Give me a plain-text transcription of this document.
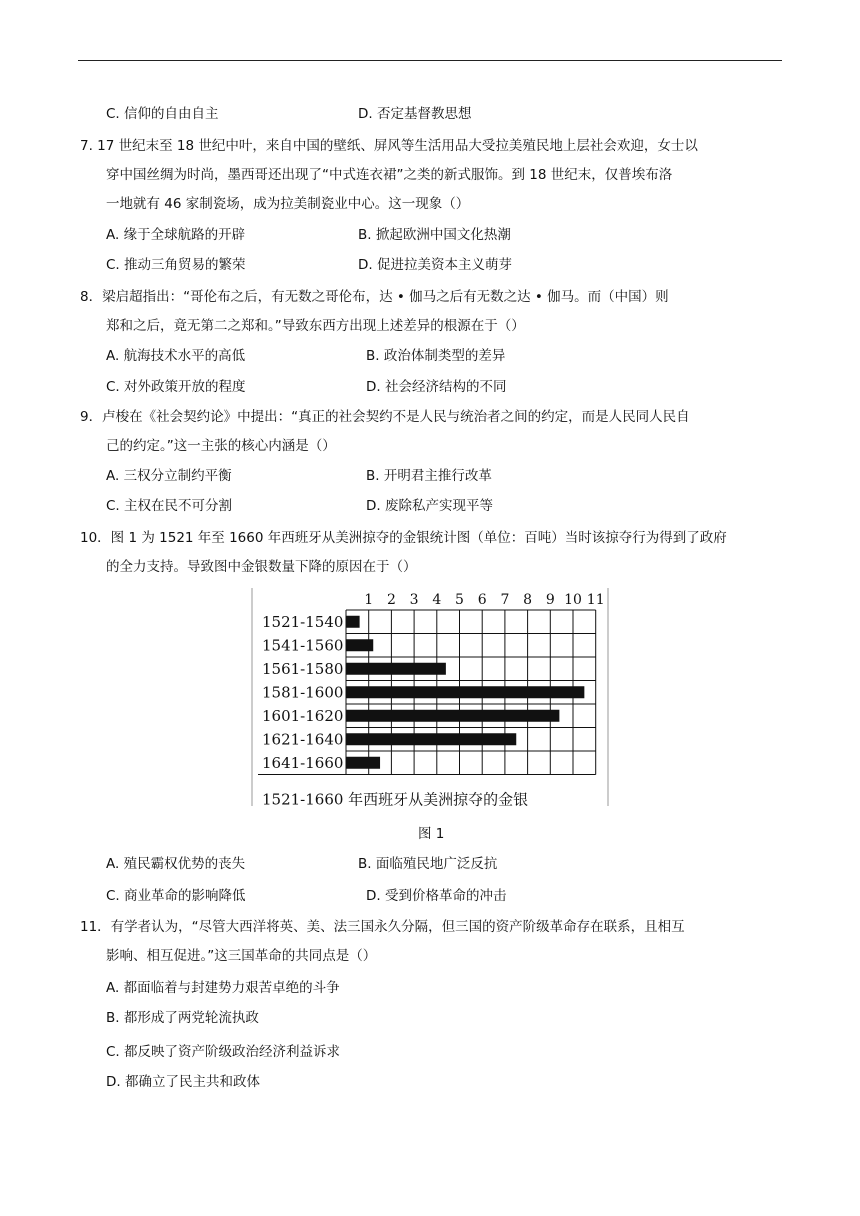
C. 信仰的自由自主	D. 否定基督教思想
7. 17 世纪末至 18 世纪中叶，来自中国的壁纸、屏风等生活用品大受拉美殖民地上层社会欢迎，女士以
穿中国丝绸为时尚，墨西哥还出现了“中式连衣裙”之类的新式服饰。到 18 世纪末，仅普埃布洛
一地就有 46 家制瓷场，成为拉美制瓷业中心。这一现象（）
A. 缘于全球航路的开辟	B. 掀起欧洲中国文化热潮
C. 推动三角贸易的繁荣	D. 促进拉美资本主义萌芽
8．梁启超指出：“哥伦布之后，有无数之哥伦布，达 • 伽马之后有无数之达 • 伽马。而（中国）则
郑和之后，竟无第二之郑和。”导致东西方出现上述差异的根源在于（）
A. 航海技术水平的高低	B. 政治体制类型的差异
C. 对外政策开放的程度	D. 社会经济结构的不同
9．卢梭在《社会契约论》中提出：“真正的社会契约不是人民与统治者之间的约定，而是人民同人民自
己的约定。”这一主张的核心内涵是（）
A. 三权分立制约平衡	B. 开明君主推行改革
C. 主权在民不可分割	D. 废除私产实现平等
10．图 1 为 1521 年至 1660 年西班牙从美洲掠夺的金银统计图（单位：百吨）当时该掠夺行为得到了政府
的全力支持。导致图中金银数量下降的原因在于（）
1 2 3 4 5 6 7 8 9 10 11
1521-1540
1541-1560
1561-1580
1581-1600
1601-1620
1621-1640
1641-1660
1521-1660 年西班牙从美洲掠夺的金银
图 1
A. 殖民霸权优势的丧失	B. 面临殖民地广泛反抗
C. 商业革命的影响降低	D. 受到价格革命的冲击
11．有学者认为，“尽管大西洋将英、美、法三国永久分隔，但三国的资产阶级革命存在联系，且相互
影响、相互促进。”这三国革命的共同点是（）
A. 都面临着与封建势力艰苦卓绝的斗争
B. 都形成了两党轮流执政
C. 都反映了资产阶级政治经济利益诉求
D. 都确立了民主共和政体
